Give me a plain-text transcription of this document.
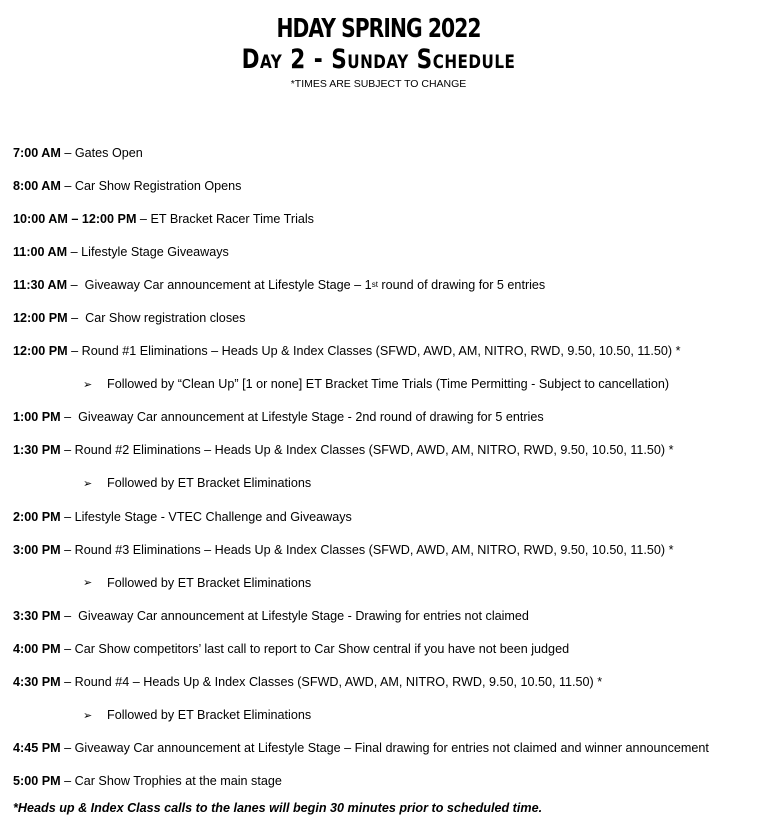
HDAY SPRING 2022
Day 2 - Sunday Schedule
*TIMES ARE SUBJECT TO CHANGE
7:00 AM – Gates Open
8:00 AM – Car Show Registration Opens
10:00 AM – 12:00 PM – ET Bracket Racer Time Trials
11:00 AM – Lifestyle Stage Giveaways
11:30 AM – Giveaway Car announcement at Lifestyle Stage – 1 st round of drawing for 5 entries
12:00 PM – Car Show registration closes
12:00 PM – Round #1 Eliminations – Heads Up & Index Classes (SFWD, AWD, AM, NITRO, RWD, 9.50, 10.50, 11.50) *
➢	Followed by “Clean Up” [1 or none] ET Bracket Time Trials (Time Permitting - Subject to cancellation)
1:00 PM – Giveaway Car announcement at Lifestyle Stage - 2nd round of drawing for 5 entries
1:30 PM – Round #2 Eliminations – Heads Up & Index Classes (SFWD, AWD, AM, NITRO, RWD, 9.50, 10.50, 11.50) *
➢	Followed by ET Bracket Eliminations
2:00 PM – Lifestyle Stage - VTEC Challenge and Giveaways
3:00 PM – Round #3 Eliminations – Heads Up & Index Classes (SFWD, AWD, AM, NITRO, RWD, 9.50, 10.50, 11.50) *
➢	Followed by ET Bracket Eliminations
3:30 PM – Giveaway Car announcement at Lifestyle Stage - Drawing for entries not claimed
4:00 PM – Car Show competitors’ last call to report to Car Show central if you have not been judged
4:30 PM – Round #4 – Heads Up & Index Classes (SFWD, AWD, AM, NITRO, RWD, 9.50, 10.50, 11.50) *
➢	Followed by ET Bracket Eliminations
4:45 PM – Giveaway Car announcement at Lifestyle Stage – Final drawing for entries not claimed and winner announcement
5:00 PM – Car Show Trophies at the main stage
*Heads up & Index Class calls to the lanes will begin 30 minutes prior to scheduled time.
